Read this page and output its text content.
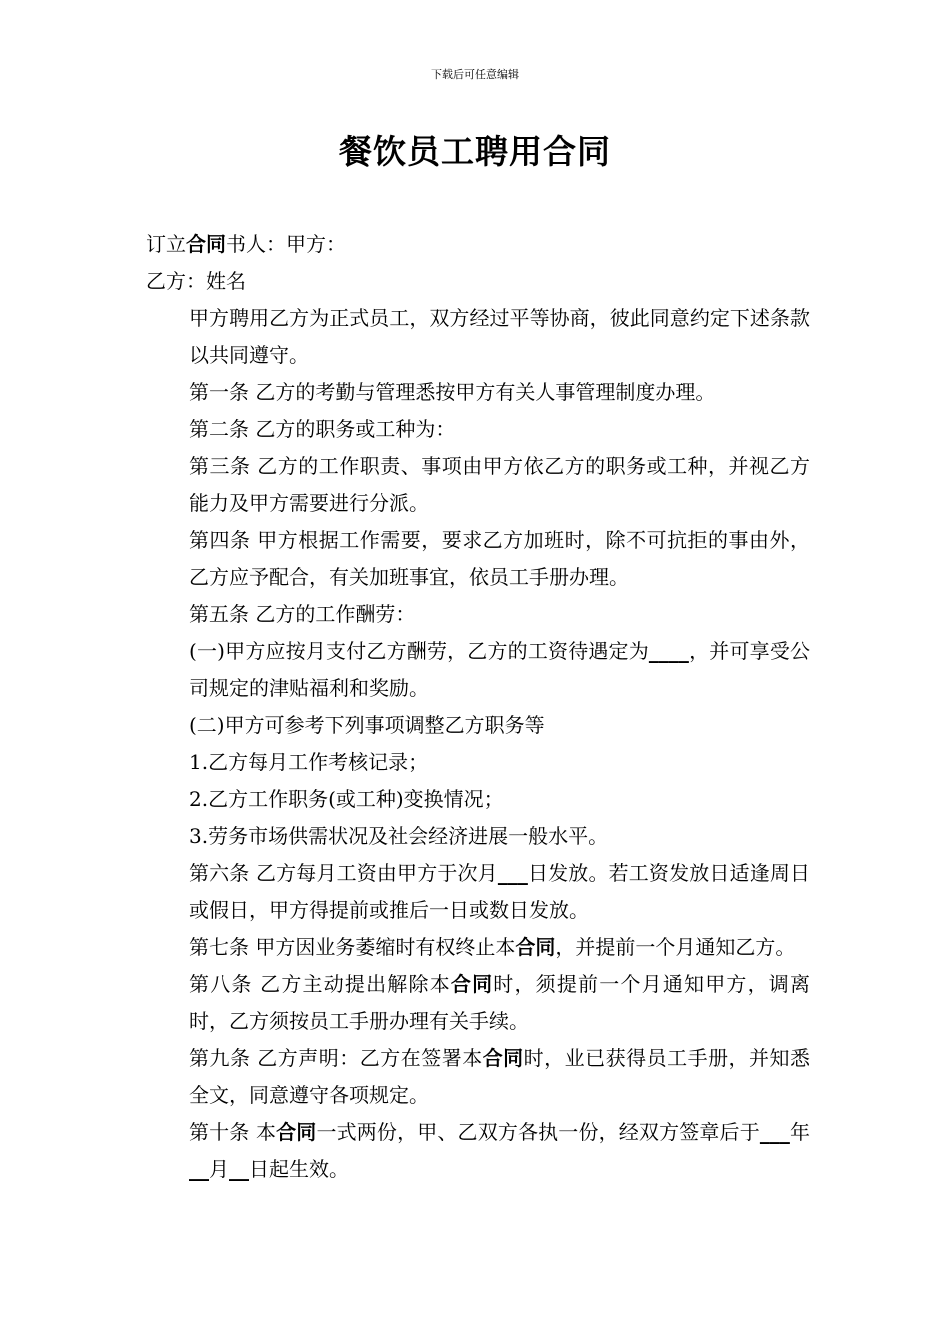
下载后可任意编辑
餐饮员工聘用合同

订立合同书人：甲方：

乙方：姓名

甲方聘用乙方为正式员工，双方经过平等协商，彼此同意约定下述条款以共同遵守。

第一条 乙方的考勤与管理悉按甲方有关人事管理制度办理。

第二条 乙方的职务或工种为：

第三条 乙方的工作职责、事项由甲方依乙方的职务或工种，并视乙方能力及甲方需要进行分派。

第四条 甲方根据工作需要，要求乙方加班时，除不可抗拒的事由外，乙方应予配合，有关加班事宜，依员工手册办理。

第五条 乙方的工作酬劳：

(一)甲方应按月支付乙方酬劳，乙方的工资待遇定为____，并可享受公司规定的津贴福利和奖励。

(二)甲方可参考下列事项调整乙方职务等

1.乙方每月工作考核记录；

2.乙方工作职务(或工种)变换情况；

3.劳务市场供需状况及社会经济进展一般水平。

第六条 乙方每月工资由甲方于次月___日发放。若工资发放日适逢周日或假日，甲方得提前或推后一日或数日发放。

第七条 甲方因业务萎缩时有权终止本合同，并提前一个月通知乙方。

第八条 乙方主动提出解除本合同时，须提前一个月通知甲方，调离时，乙方须按员工手册办理有关手续。

第九条 乙方声明：乙方在签署本合同时，业已获得员工手册，并知悉全文，同意遵守各项规定。

第十条 本合同一式两份，甲、乙双方各执一份，经双方签章后于___年__月__日起生效。
